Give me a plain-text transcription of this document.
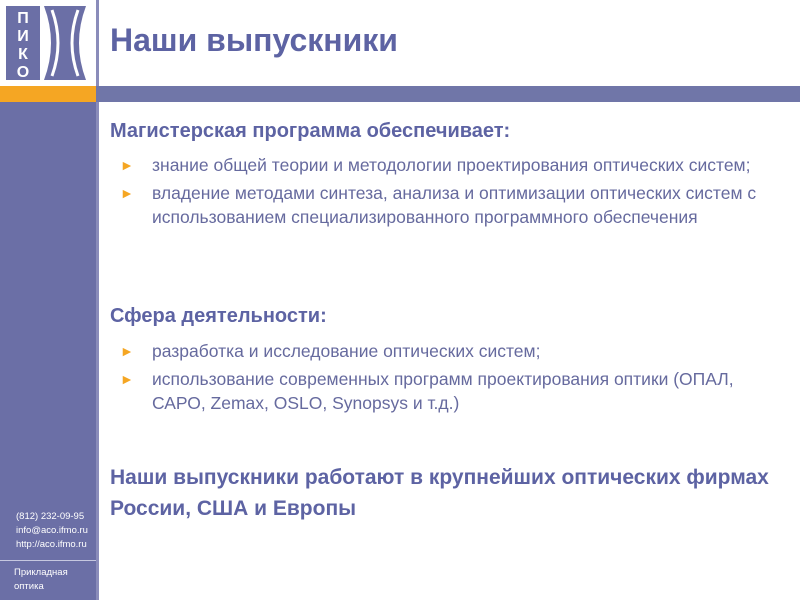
П
И
К
О
(812) 232-09-95
info@aco.ifmo.ru
http://aco.ifmo.ru
Прикладная
оптика
Наши выпускники
Магистерская программа обеспечивает:
► знание общей теории и методологии проектирования оптических систем;
► владение методами синтеза, анализа и оптимизации оптических систем с использованием специализированного программного обеспечения
Сфера деятельности:
► разработка и исследование оптических систем;
► использование современных программ проектирования оптики (ОПАЛ, САРО, Zemax, OSLO, Synopsys и т.д.)

Наши выпускники работают в крупнейших оптических фирмах России, США и Европы
